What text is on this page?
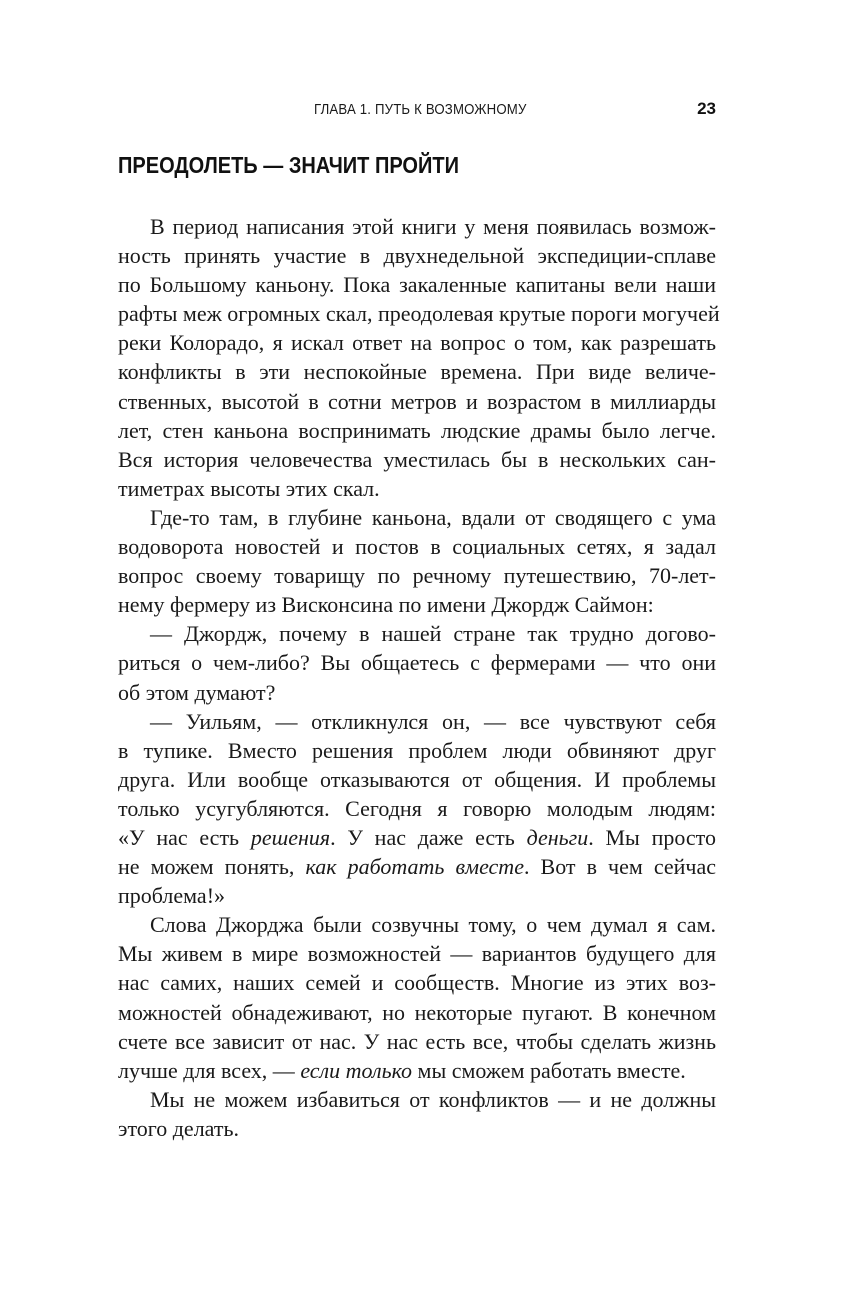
ГЛАВА 1. ПУТЬ К ВОЗМОЖНОМУ	23
ПРЕОДОЛЕТЬ — ЗНАЧИТ ПРОЙТИ
В период написания этой книги у меня появилась возмож-
ность принять участие в двухнедельной экспедиции-сплаве
по Большому каньону. Пока закаленные капитаны вели наши
рафты меж огромных скал, преодолевая крутые пороги могучей
реки Колорадо, я искал ответ на вопрос о том, как разрешать
конфликты в эти неспокойные времена. При виде величе-
ственных, высотой в сотни метров и возрастом в миллиарды
лет, стен каньона воспринимать людские драмы было легче.
Вся история человечества уместилась бы в нескольких сан-
тиметрах высоты этих скал.
Где-то там, в глубине каньона, вдали от сводящего с ума
водоворота новостей и постов в социальных сетях, я задал
вопрос своему товарищу по речному путешествию, 70-лет-
нему фермеру из Висконсина по имени Джордж Саймон:
— Джордж, почему в нашей стране так трудно догово-
риться о чем-либо? Вы общаетесь с фермерами — что они
об этом думают?
— Уильям, — откликнулся он, — все чувствуют себя
в тупике. Вместо решения проблем люди обвиняют друг
друга. Или вообще отказываются от общения. И проблемы
только усугубляются. Сегодня я говорю молодым людям:
«У нас есть решения. У нас даже есть деньги. Мы просто
не можем понять, как работать вместе. Вот в чем сейчас
проблема!»
Слова Джорджа были созвучны тому, о чем думал я сам.
Мы живем в мире возможностей — вариантов будущего для
нас самих, наших семей и сообществ. Многие из этих воз-
можностей обнадеживают, но некоторые пугают. В конечном
счете все зависит от нас. У нас есть все, чтобы сделать жизнь
лучше для всех, — если только мы сможем работать вместе.
Мы не можем избавиться от конфликтов — и не должны
этого делать.
